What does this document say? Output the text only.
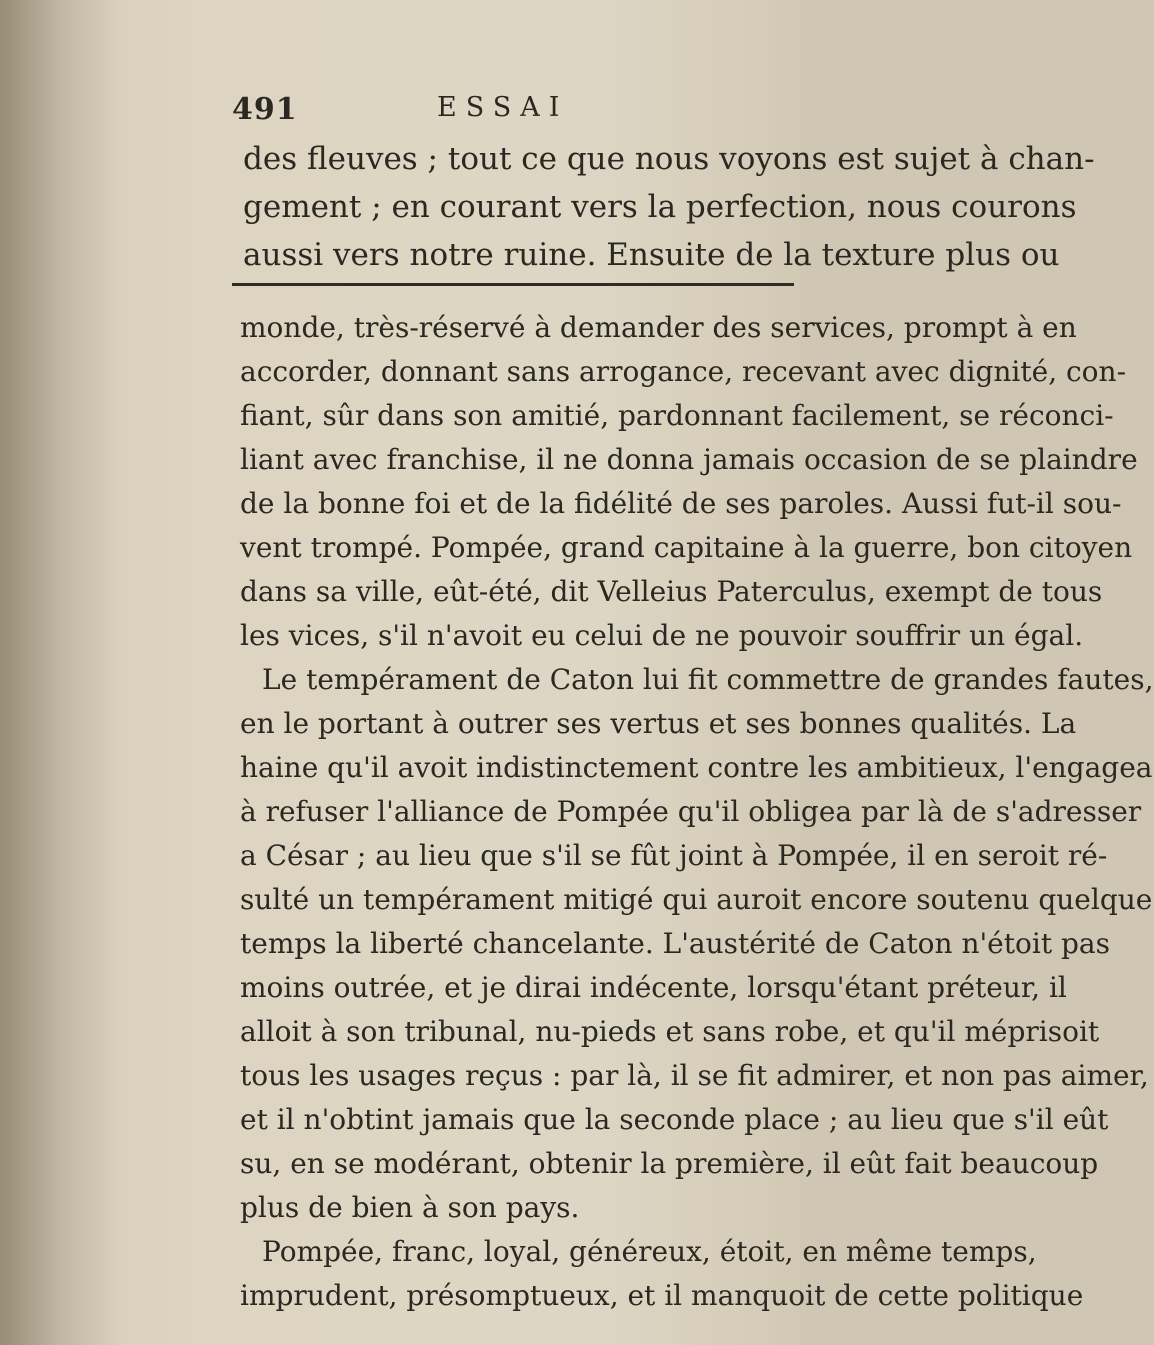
491	ESSAI
des fleuves ; tout ce que nous voyons est sujet à chan-
gement ; en courant vers la perfection, nous courons
aussi vers notre ruine. Ensuite de la texture plus ou
monde, très-réservé à demander des services, prompt à en
accorder, donnant sans arrogance, recevant avec dignité, con-
fiant, sûr dans son amitié, pardonnant facilement, se réconci-
liant avec franchise, il ne donna jamais occasion de se plaindre
de la bonne foi et de la fidélité de ses paroles. Aussi fut-il sou-
vent trompé. Pompée, grand capitaine à la guerre, bon citoyen
dans sa ville, eût-été, dit Velleius Paterculus, exempt de tous
les vices, s'il n'avoit eu celui de ne pouvoir souffrir un égal.
Le tempérament de Caton lui fit commettre de grandes fautes,
en le portant à outrer ses vertus et ses bonnes qualités. La
haine qu'il avoit indistinctement contre les ambitieux, l'engagea
à refuser l'alliance de Pompée qu'il obligea par là de s'adresser
a César ; au lieu que s'il se fût joint à Pompée, il en seroit ré-
sulté un tempérament mitigé qui auroit encore soutenu quelque
temps la liberté chancelante. L'austérité de Caton n'étoit pas
moins outrée, et je dirai indécente, lorsqu'étant préteur, il
alloit à son tribunal, nu-pieds et sans robe, et qu'il méprisoit
tous les usages reçus : par là, il se fit admirer, et non pas aimer,
et il n'obtint jamais que la seconde place ; au lieu que s'il eût
su, en se modérant, obtenir la première, il eût fait beaucoup
plus de bien à son pays.
Pompée, franc, loyal, généreux, étoit, en même temps,
imprudent, présomptueux, et il manquoit de cette politique
